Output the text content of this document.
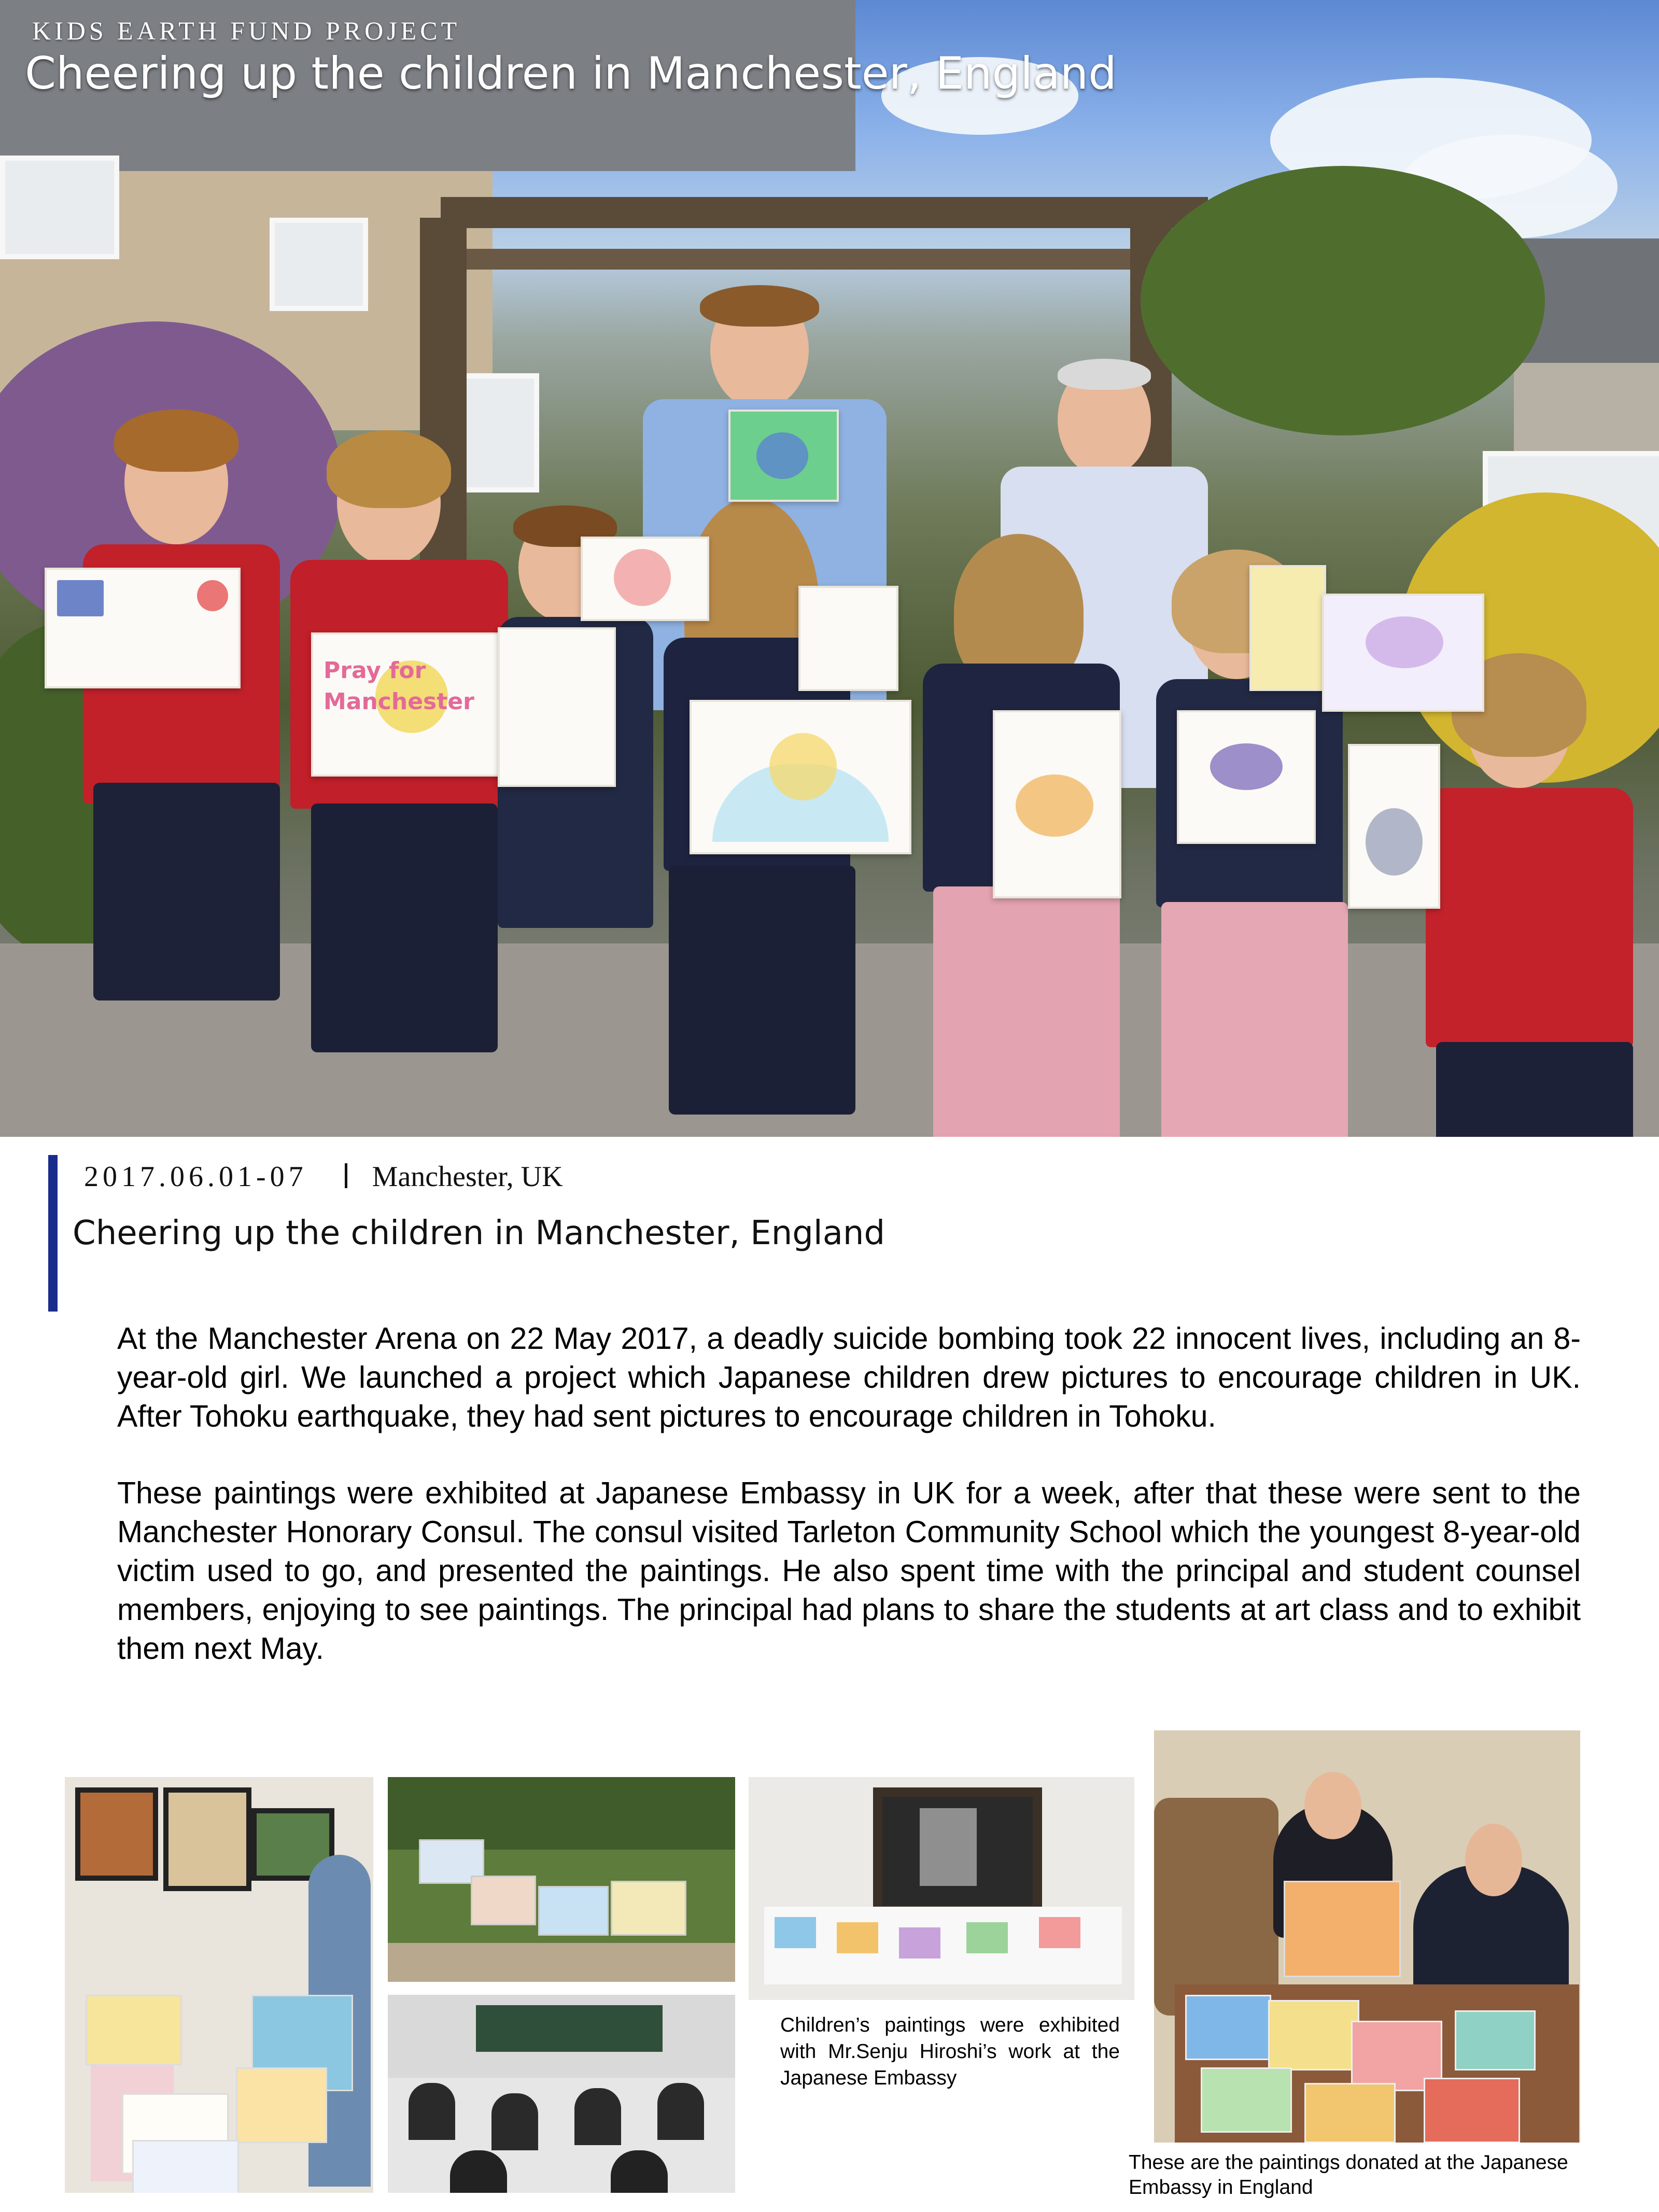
Pray for Manchester
KIDS EARTH FUND PROJECT
Cheering up the children in Manchester, England
2017.06.01-07 Manchester, UK
Cheering up the children in Manchester, England
At the Manchester Arena on 22 May 2017, a deadly suicide bombing took 22 innocent lives, including an 8-year-old girl. We launched a project which Japanese children drew pictures to encourage children in UK. After Tohoku earthquake, they had sent pictures to encourage children in Tohoku.
These paintings were exhibited at Japanese Embassy in UK for a week, after that these were sent to the Manchester Honorary Consul. The consul visited Tarleton Community School which the youngest 8-year-old victim used to go, and presented the paintings. He also spent time with the principal and student counsel members, enjoying to see paintings. The principal had plans to share the students at art class and to exhibit them next May.
Children’s paintings were exhibited with Mr.Senju Hiroshi’s work at the Japanese Embassy
These are the paintings donated at the Japanese Embassy in England
